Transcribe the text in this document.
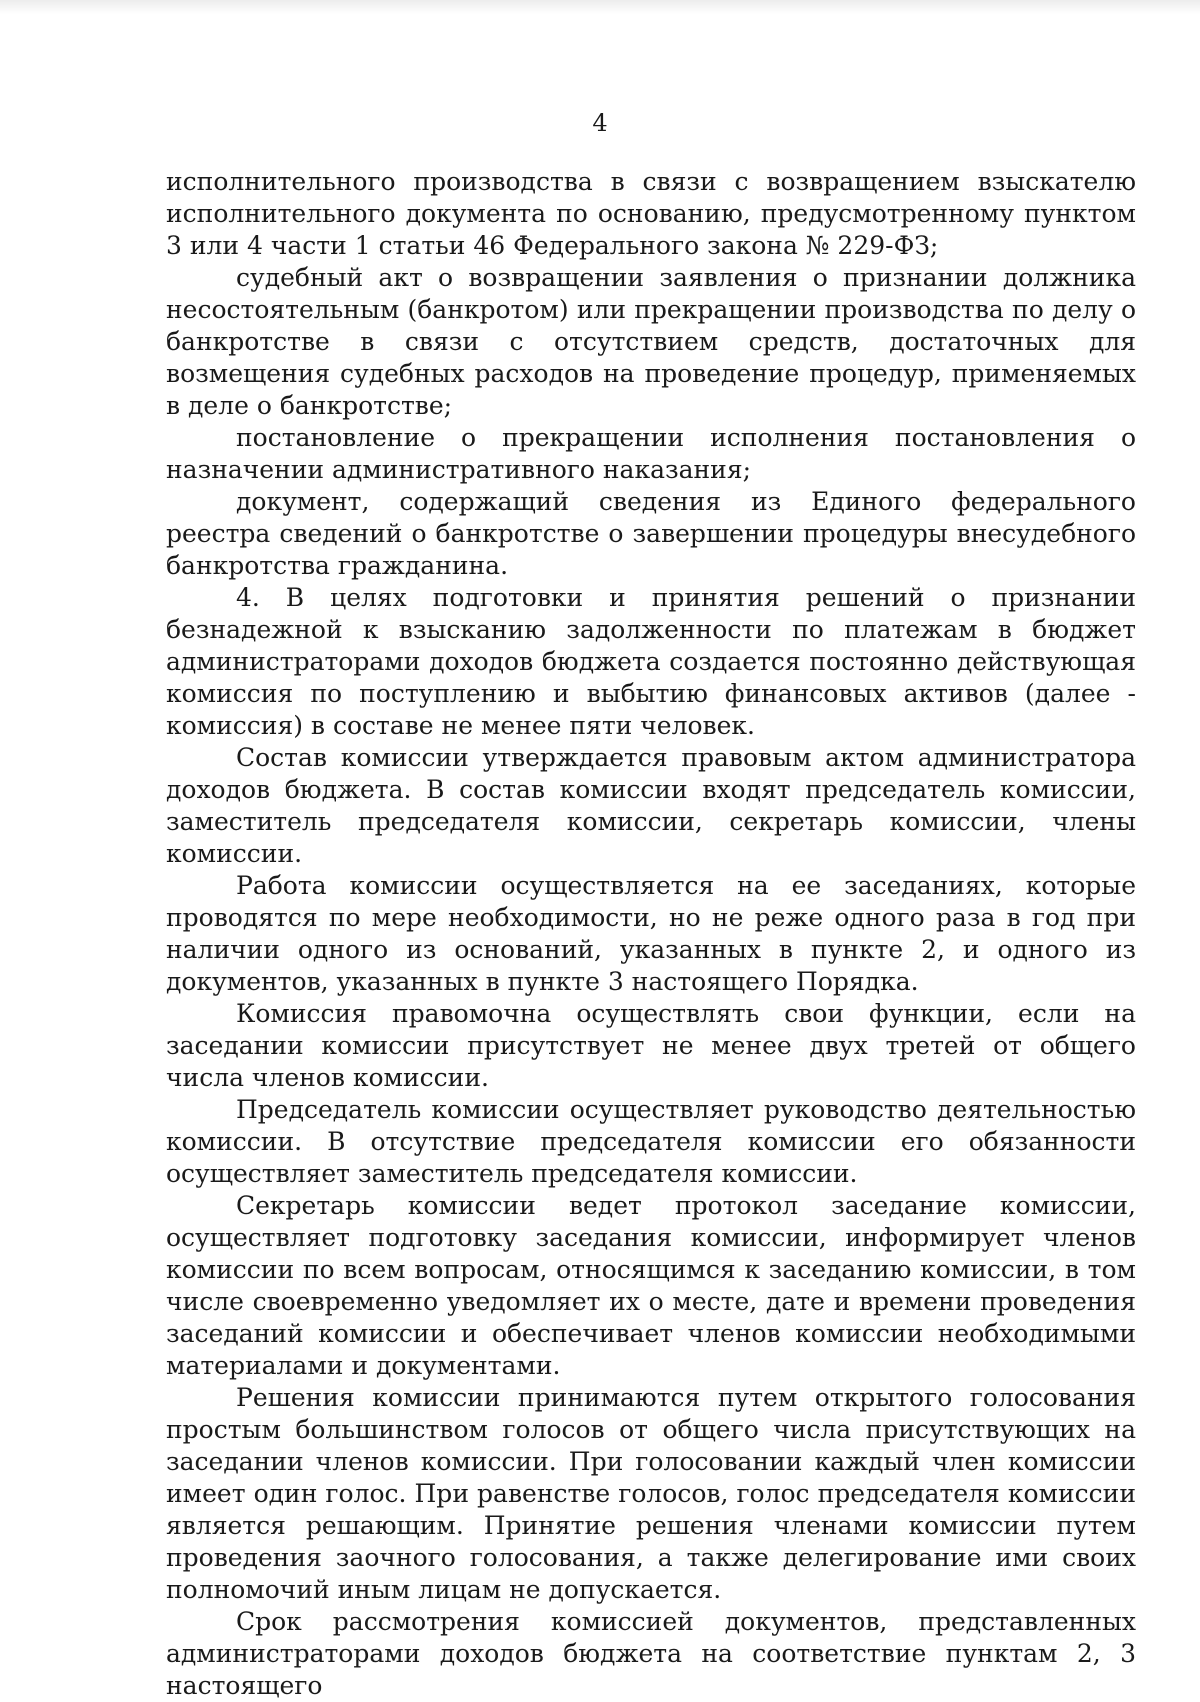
4

исполнительного производства в связи с возвращением взыскателю исполнительного документа по основанию, предусмотренному пунктом 3 или 4 части 1 статьи 46 Федерального закона № 229-ФЗ;

судебный акт о возвращении заявления о признании должника несостоятельным (банкротом) или прекращении производства по делу о банкротстве в связи с отсутствием средств, достаточных для возмещения судебных расходов на проведение процедур, применяемых в деле о банкротстве;

постановление о прекращении исполнения постановления о назначении административного наказания;

документ, содержащий сведения из Единого федерального реестра сведений о банкротстве о завершении процедуры внесудебного банкротства гражданина.

4. В целях подготовки и принятия решений о признании безнадежной к взысканию задолженности по платежам в бюджет администраторами доходов бюджета создается постоянно действующая комиссия по поступлению и выбытию финансовых активов (далее - комиссия) в составе не менее пяти человек.

Состав комиссии утверждается правовым актом администратора доходов бюджета. В состав комиссии входят председатель комиссии, заместитель председателя комиссии, секретарь комиссии, члены комиссии.

Работа комиссии осуществляется на ее заседаниях, которые проводятся по мере необходимости, но не реже одного раза в год при наличии одного из оснований, указанных в пункте 2, и одного из документов, указанных в пункте 3 настоящего Порядка.

Комиссия правомочна осуществлять свои функции, если на заседании комиссии присутствует не менее двух третей от общего числа членов комиссии.

Председатель комиссии осуществляет руководство деятельностью комиссии. В отсутствие председателя комиссии его обязанности осуществляет заместитель председателя комиссии.

Секретарь комиссии ведет протокол заседание комиссии, осуществляет подготовку заседания комиссии, информирует членов комиссии по всем вопросам, относящимся к заседанию комиссии, в том числе своевременно уведомляет их о месте, дате и времени проведения заседаний комиссии и обеспечивает членов комиссии необходимыми материалами и документами.

Решения комиссии принимаются путем открытого голосования простым большинством голосов от общего числа присутствующих на заседании членов комиссии. При голосовании каждый член комиссии имеет один голос. При равенстве голосов, голос председателя комиссии является решающим. Принятие решения членами комиссии путем проведения заочного голосования, а также делегирование ими своих полномочий иным лицам не допускается.

Срок рассмотрения комиссией документов, представленных администраторами доходов бюджета на соответствие пунктам 2, 3 настоящего
